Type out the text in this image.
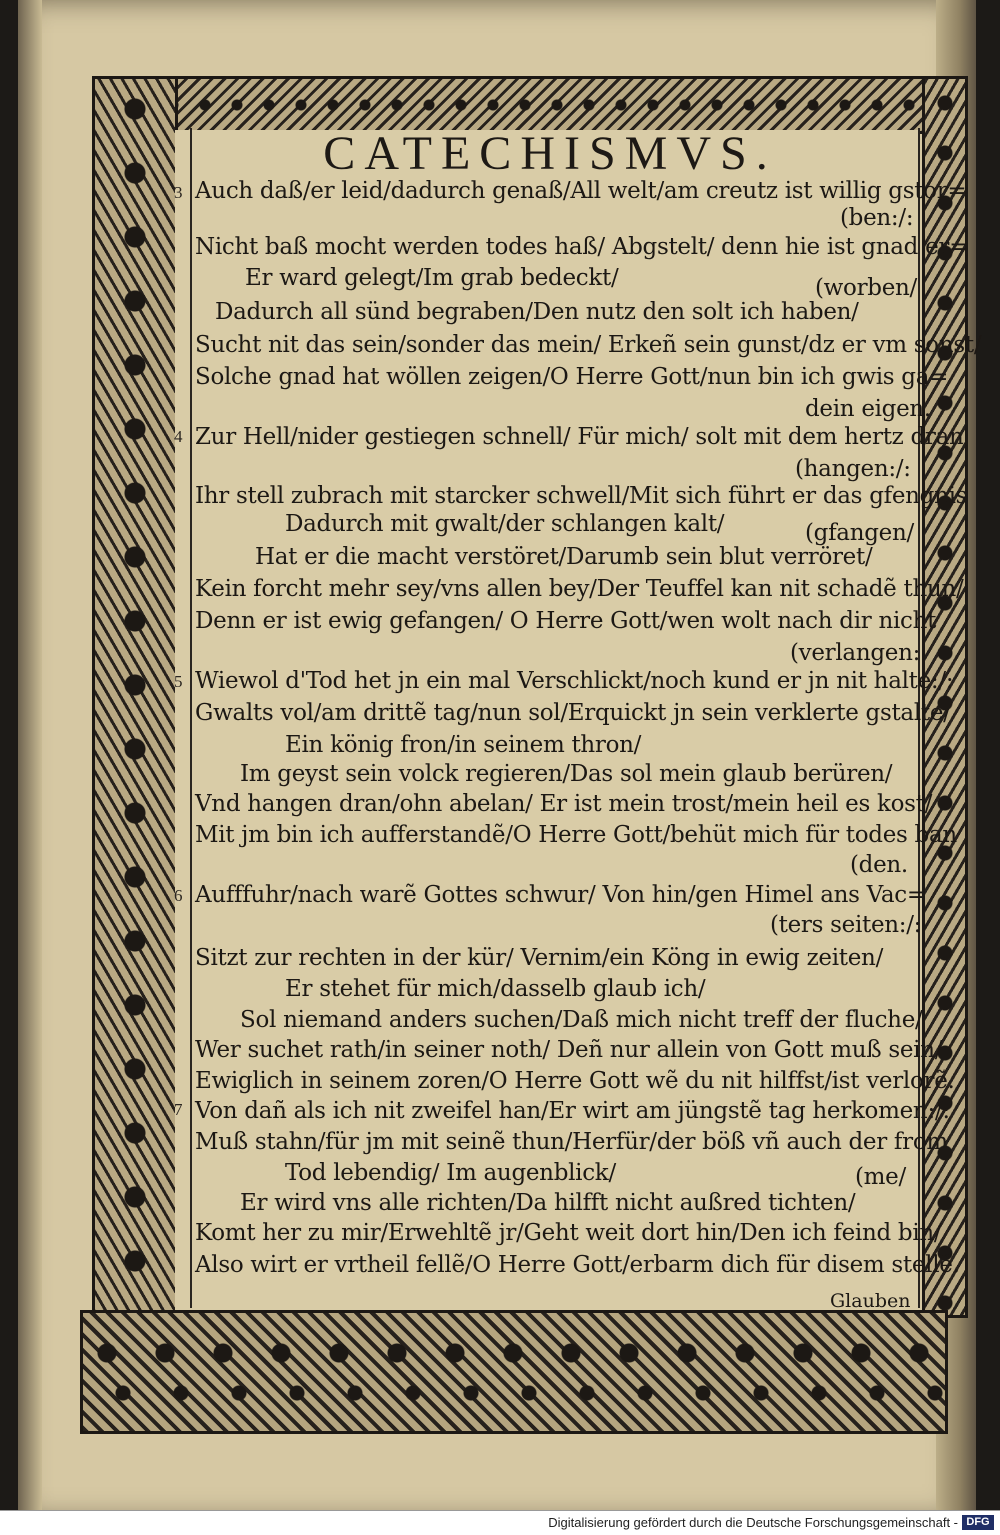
CATECHISMVS.
3
4
5
6
7
Auch daß/er leid/dadurch genaß/All welt/am creutz ist willig gstor=
(ben:/:
Nicht baß mocht werden todes haß/ Abgstelt/ denn hie ist gnad er=
Er ward gelegt/Im grab bedeckt/	(worben/
Dadurch all sünd begraben/Den nutz den solt ich haben/
Sucht nit das sein/sonder das mein/ Erkeñ sein gunst/dz er vm sonst/
Solche gnad hat wöllen zeigen/O Herre Gott/nun bin ich gwis ga=
dein eigen.
Zur Hell/nider gestiegen schnell/ Für mich/ solt mit dem hertz dran
(hangen:/:
Ihr stell zubrach mit starcker schwell/Mit sich führt er das gfengnis
Dadurch mit gwalt/der schlangen kalt/	(gfangen/
Hat er die macht verstöret/Darumb sein blut verröret/
Kein forcht mehr sey/vns allen bey/Der Teuffel kan nit schadẽ thun/
Denn er ist ewig gefangen/ O Herre Gott/wen wolt nach dir nicht
(verlangen:
Wiewol d'Tod het jn ein mal Verschlickt/noch kund er jn nit halte:/:
Gwalts vol/am drittẽ tag/nun sol/Erquickt jn sein verklerte gstalte/
Ein könig fron/in seinem thron/
Im geyst sein volck regieren/Das sol mein glaub berüren/
Vnd hangen dran/ohn abelan/ Er ist mein trost/mein heil es kost/
Mit jm bin ich aufferstandẽ/O Herre Gott/behüt mich für todes ban
(den.
Aufffuhr/nach warẽ Gottes schwur/ Von hin/gen Himel ans Vac=
(ters seiten:/:
Sitzt zur rechten in der kür/ Vernim/ein Köng in ewig zeiten/
Er stehet für mich/dasselb glaub ich/
Sol niemand anders suchen/Daß mich nicht treff der fluche/
Wer suchet rath/in seiner noth/ Deñ nur allein von Gott muß sein/
Ewiglich in seinem zoren/O Herre Gott wẽ du nit hilffst/ist verlorẽ.
Von dañ als ich nit zweifel han/Er wirt am jüngstẽ tag herkomen:/:
Muß stahn/für jm mit seinẽ thun/Herfür/der böß vñ auch der from
Tod lebendig/ Im augenblick/	(me/
Er wird vns alle richten/Da hilfft nicht außred tichten/
Komt her zu mir/Erwehltẽ jr/Geht weit dort hin/Den ich feind bin/
Also wirt er vrtheil fellẽ/O Herre Gott/erbarm dich für disem stellẽ.
Glauben
Digitalisierung gefördert durch die Deutsche Forschungsgemeinschaft - DFG
